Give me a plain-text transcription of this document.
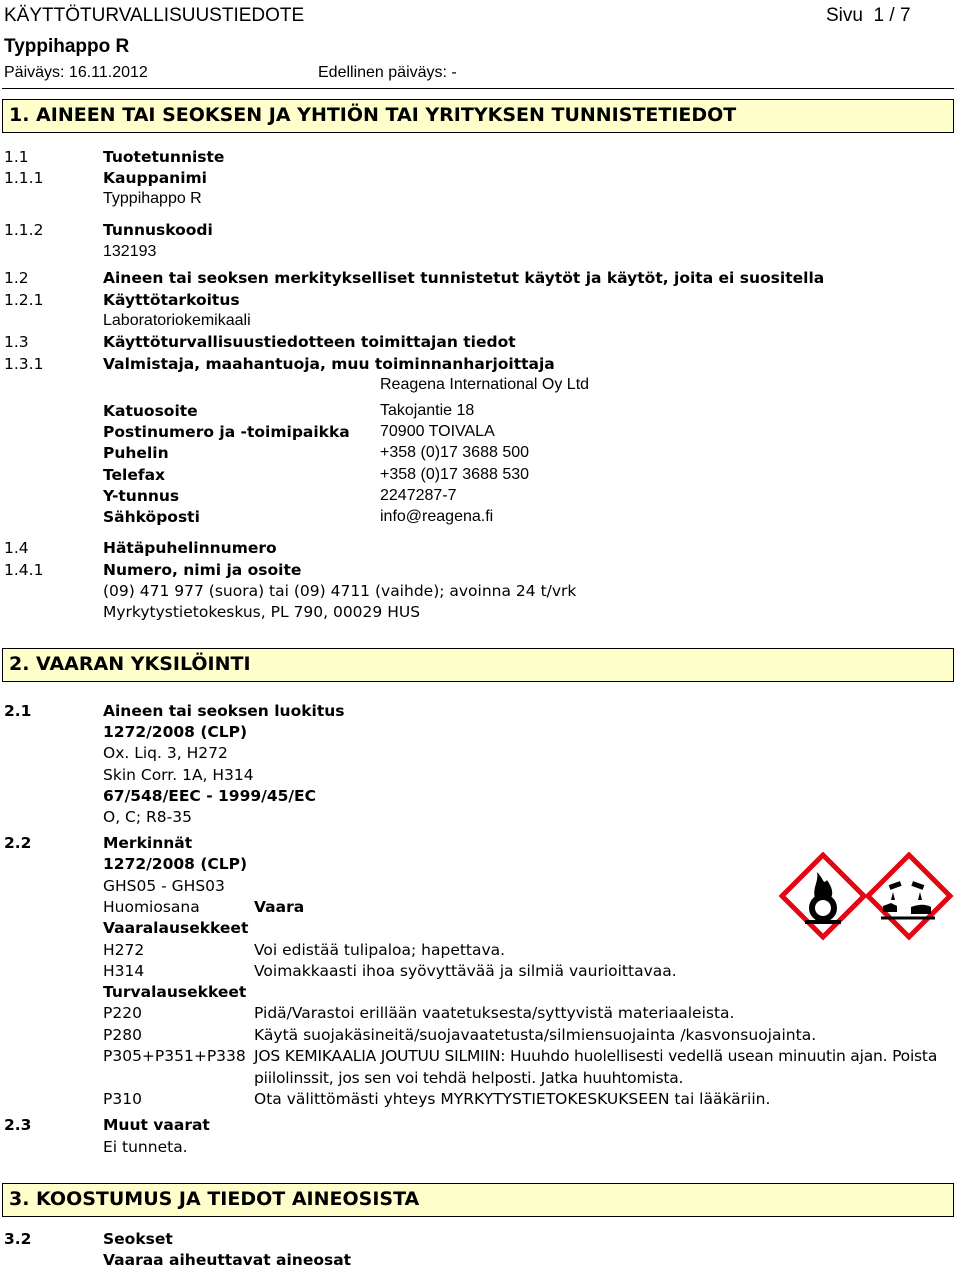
KÄYTTÖTURVALLISUUSTIEDOTE	Sivu 1 / 7
Typpihappo R
Päiväys: 16.11.2012	Edellinen päiväys: -
1. AINEEN TAI SEOKSEN JA YHTIÖN TAI YRITYKSEN TUNNISTETIEDOT
1.1	Tuotetunniste
1.1.1	Kauppanimi
Typpihappo R
1.1.2	Tunnuskoodi
132193
1.2	Aineen tai seoksen merkitykselliset tunnistetut käytöt ja käytöt, joita ei suositella
1.2.1	Käyttötarkoitus
Laboratoriokemikaali
1.3	Käyttöturvallisuustiedotteen toimittajan tiedot
1.3.1	Valmistaja, maahantuoja, muu toiminnanharjoittaja
Reagena International Oy Ltd
Katuosoite	Takojantie 18
Postinumero ja -toimipaikka 70900 TOIVALA
Puhelin	+358 (0)17 3688 500
Telefax	+358 (0)17 3688 530
Y-tunnus	2247287-7
Sähköposti	info@reagena.fi
1.4	Hätäpuhelinnumero
1.4.1	Numero, nimi ja osoite
(09) 471 977 (suora) tai (09) 4711 (vaihde); avoinna 24 t/vrk
Myrkytystietokeskus, PL 790, 00029 HUS
2. VAARAN YKSILÖINTI
2.1	Aineen tai seoksen luokitus
1272/2008 (CLP)
Ox. Liq. 3, H272
Skin Corr. 1A, H314
67/548/EEC - 1999/45/EC
O, C; R8-35
2.2	Merkinnät
1272/2008 (CLP)
GHS05 - GHS03
Huomiosana	Vaara
Vaaralausekkeet
H272	Voi edistää tulipaloa; hapettava.
H314	Voimakkaasti ihoa syövyttävää ja silmiä vaurioittavaa.
Turvalausekkeet
P220	Pidä/Varastoi erillään vaatetuksesta/syttyvistä materiaaleista.
P280	Käytä suojakäsineitä/suojavaatetusta/silmiensuojainta /kasvonsuojainta.
P305+P351+P338 JOS KEMIKAALIA JOUTUU SILMIIN: Huuhdo huolellisesti vedellä usean minuutin ajan. Poista piilolinssit, jos sen voi tehdä helposti. Jatka huuhtomista.
P310	Ota välittömästi yhteys MYRKYTYSTIETOKESKUKSEEN tai lääkäriin.
2.3	Muut vaarat
Ei tunneta.
3. KOOSTUMUS JA TIEDOT AINEOSISTA
3.2	Seokset
Vaaraa aiheuttavat aineosat
